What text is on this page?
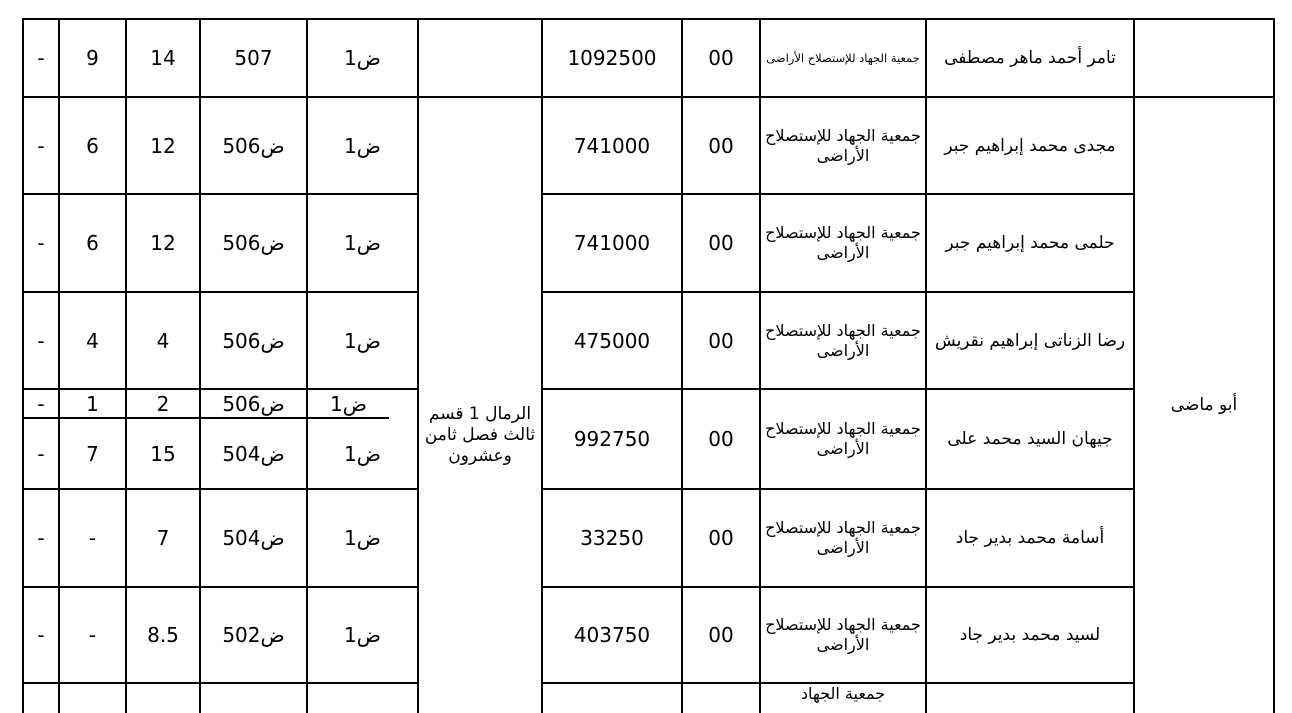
أبو ماضى
الرمال 1 قسم ثالث فصل ثامن وعشرون
تامر أحمد ماهر مصطفى
جمعية الجهاد للإستصلاح الأراضى
00
1092500
ض1
507
14
9
-
مجدى محمد إبراهيم جبر
جمعية الجهاد للإستصلاح الأراضى
00
741000
ض1
ض506
12
6
-
حلمى محمد إبراهيم جبر
جمعية الجهاد للإستصلاح الأراضى
00
741000
ض1
ض506
12
6
-
رضا الزناتى إبراهيم نقريش
جمعية الجهاد للإستصلاح الأراضى
00
475000
ض1
ض506
4
4
-
جيهان السيد محمد على
جمعية الجهاد للإستصلاح الأراضى
00
992750
ض1
ض506
2
1
-
ض1
ض504
15
7
-
أسامة محمد بدير جاد
جمعية الجهاد للإستصلاح الأراضى
00
33250
ض1
ض504
7
-
-
لسيد محمد بدير جاد
جمعية الجهاد للإستصلاح الأراضى
00
403750
ض1
ض502
8.5
-
-
جمعية الجهاد
